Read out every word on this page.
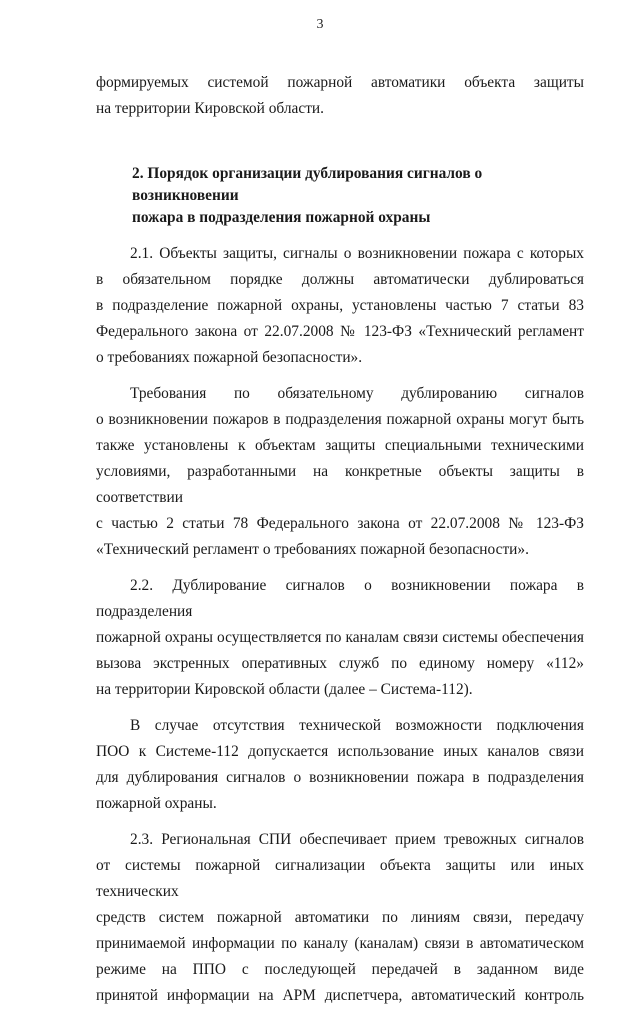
3

формируемых системой пожарной автоматики объекта защиты

на территории Кировской области.

2. Порядок организации дублирования сигналов о возникновении
пожара в подразделения пожарной охраны

2.1. Объекты защиты, сигналы о возникновении пожара с которых

в обязательном порядке должны автоматически дублироваться

в подразделение пожарной охраны, установлены частью 7 статьи 83

Федерального закона от 22.07.2008 № 123-ФЗ «Технический регламент

о требованиях пожарной безопасности».

Требования по обязательному дублированию сигналов

о возникновении пожаров в подразделения пожарной охраны могут быть

также установлены к объектам защиты специальными техническими

условиями, разработанными на конкретные объекты защиты в соответствии

с частью 2 статьи 78 Федерального закона от 22.07.2008 № 123-ФЗ

«Технический регламент о требованиях пожарной безопасности».

2.2. Дублирование сигналов о возникновении пожара в подразделения

пожарной охраны осуществляется по каналам связи системы обеспечения

вызова экстренных оперативных служб по единому номеру «112»

на территории Кировской области (далее – Система-112).

В случае отсутствия технической возможности подключения

ПОО к Системе-112 допускается использование иных каналов связи

для дублирования сигналов о возникновении пожара в подразделения

пожарной охраны.

2.3. Региональная СПИ обеспечивает прием тревожных сигналов

от системы пожарной сигнализации объекта защиты или иных технических

средств систем пожарной автоматики по линиям связи, передачу

принимаемой информации по каналу (каналам) связи в автоматическом

режиме на ППО с последующей передачей в заданном виде

принятой информации на АРМ диспетчера, автоматический контроль
